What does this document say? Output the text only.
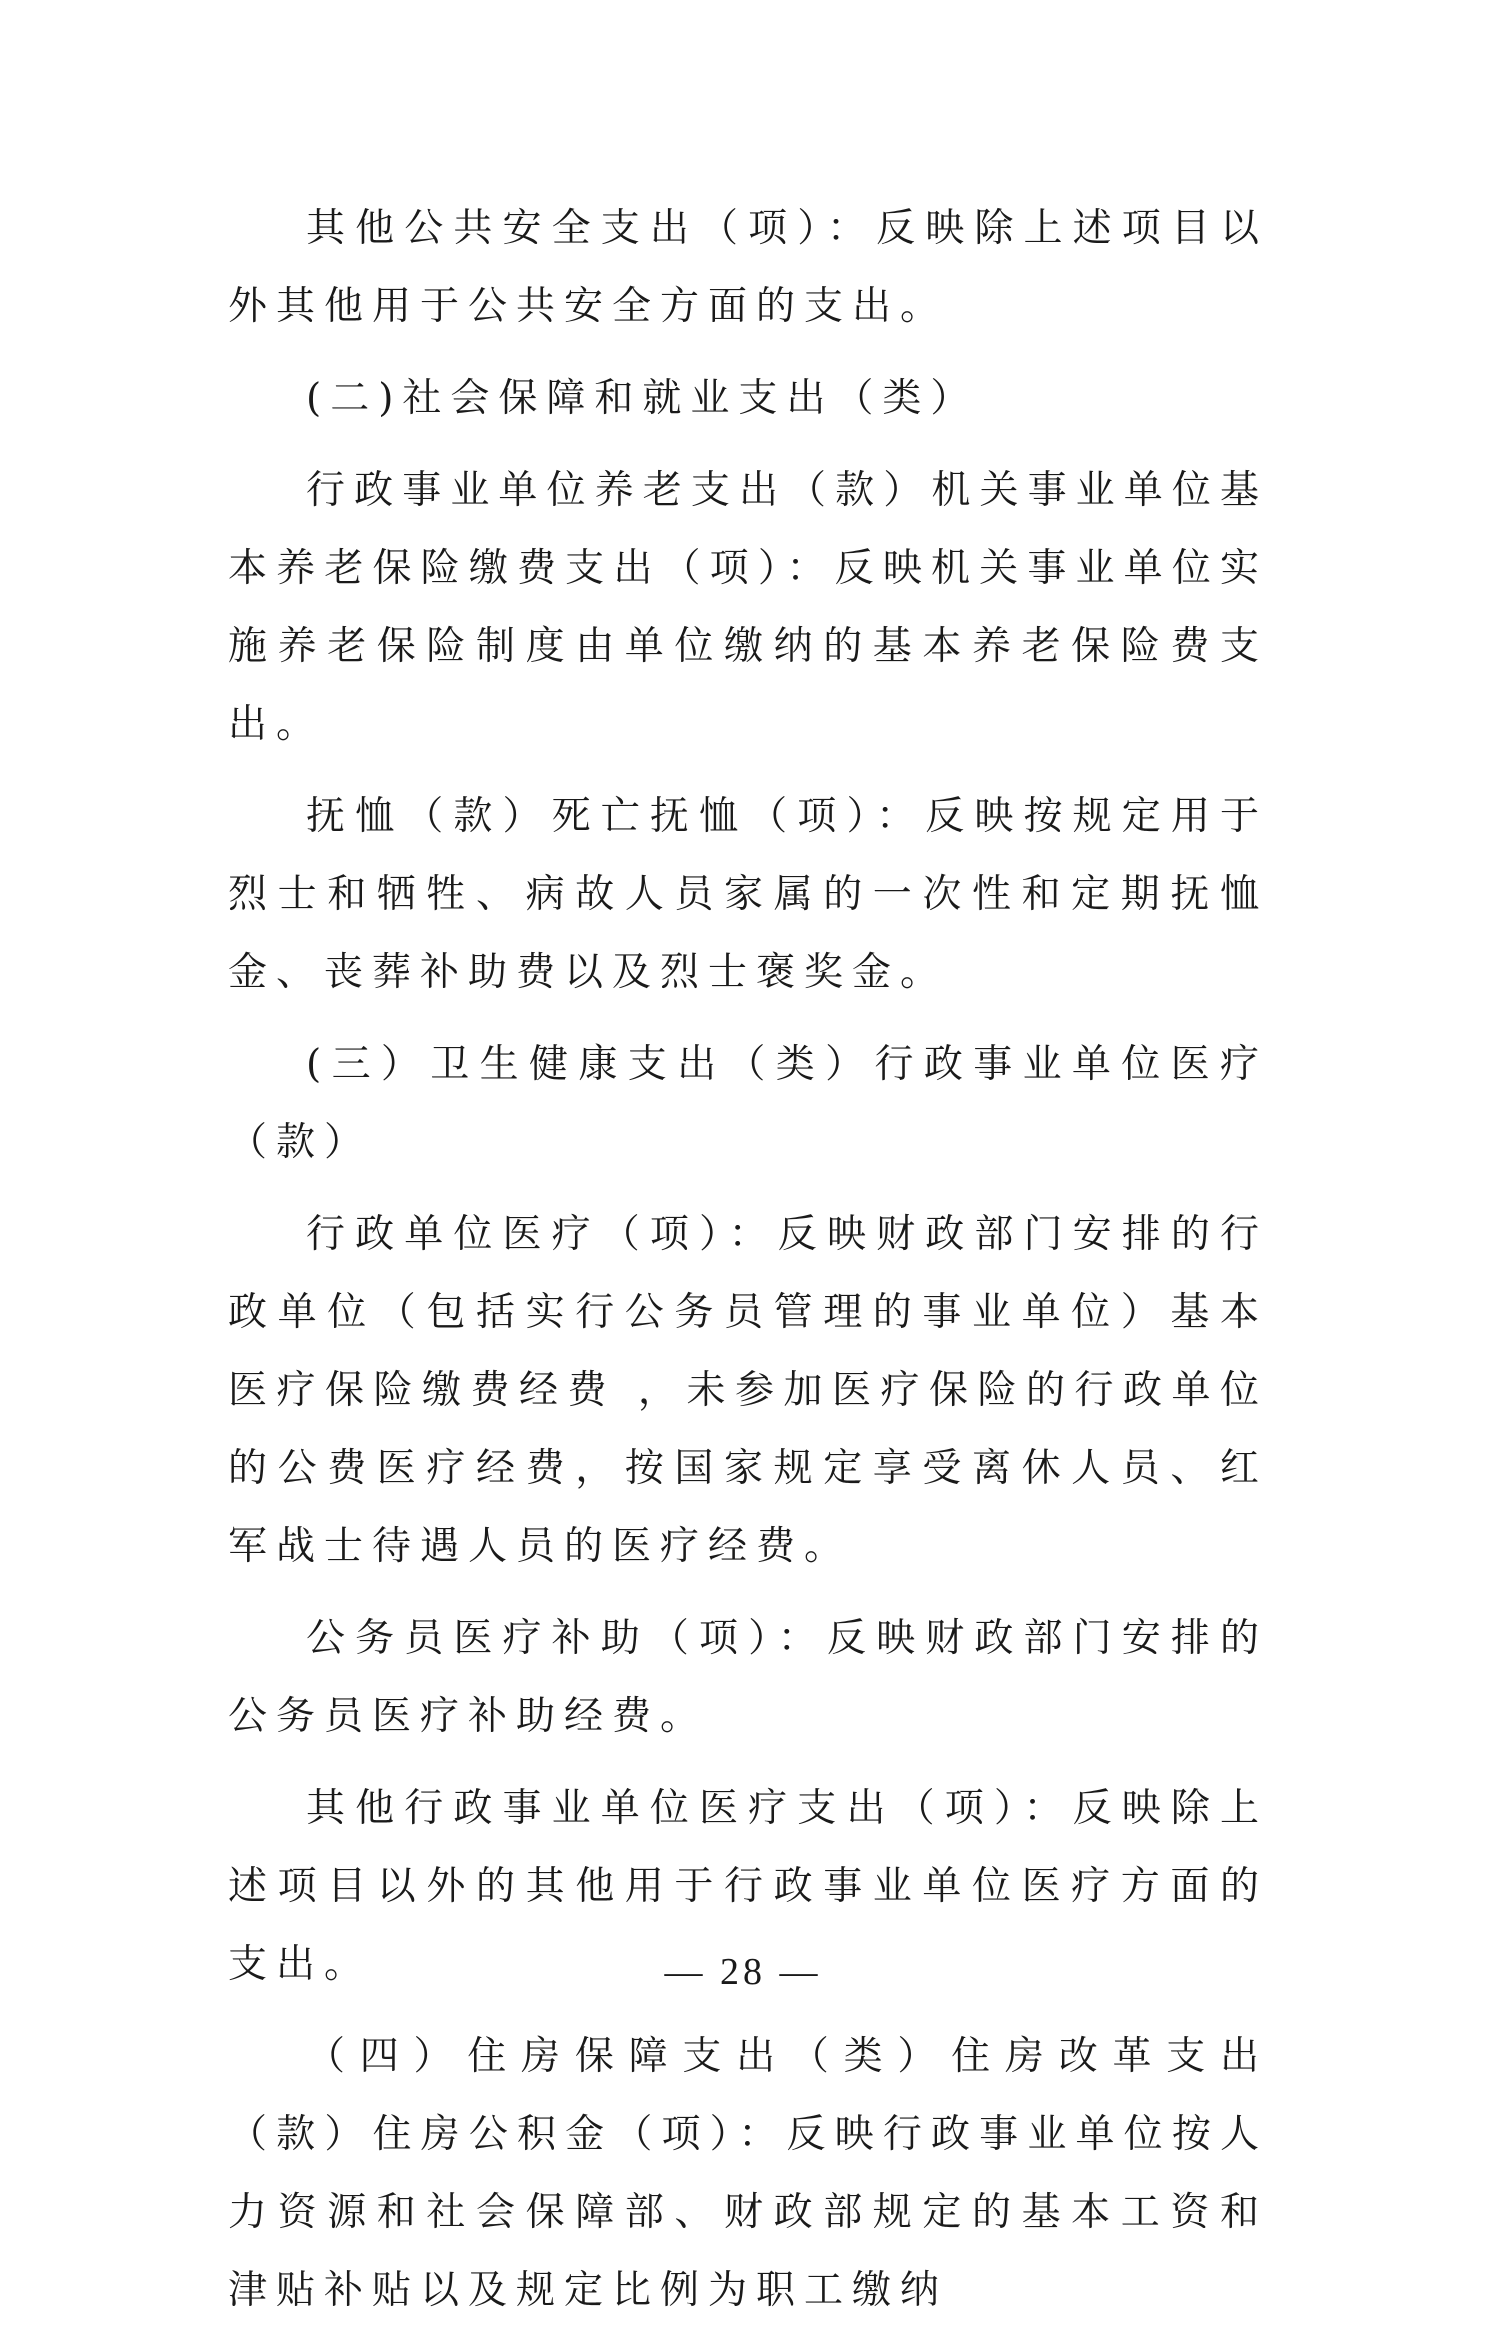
其他公共安全支出（项）：反映除上述项目以外其他用于公共安全方面的支出。

(二)社会保障和就业支出（类）

行政事业单位养老支出（款）机关事业单位基本养老保险缴费支出（项）：反映机关事业单位实施养老保险制度由单位缴纳的基本养老保险费支出。

抚恤（款）死亡抚恤（项）：反映按规定用于烈士和牺牲、病故人员家属的一次性和定期抚恤金、丧葬补助费以及烈士褒奖金。

(三）卫生健康支出（类）行政事业单位医疗（款）

行政单位医疗（项）：反映财政部门安排的行政单位（包括实行公务员管理的事业单位）基本医疗保险缴费经费 ，未参加医疗保险的行政单位的公费医疗经费，按国家规定享受离休人员、红军战士待遇人员的医疗经费。

公务员医疗补助（项）：反映财政部门安排的公务员医疗补助经费。

其他行政事业单位医疗支出（项）：反映除上述项目以外的其他用于行政事业单位医疗方面的支出。

（四）住房保障支出（类）住房改革支出（款）住房公积金（项）：反映行政事业单位按人力资源和社会保障部、财政部规定的基本工资和津贴补贴以及规定比例为职工缴纳

— 28 —
